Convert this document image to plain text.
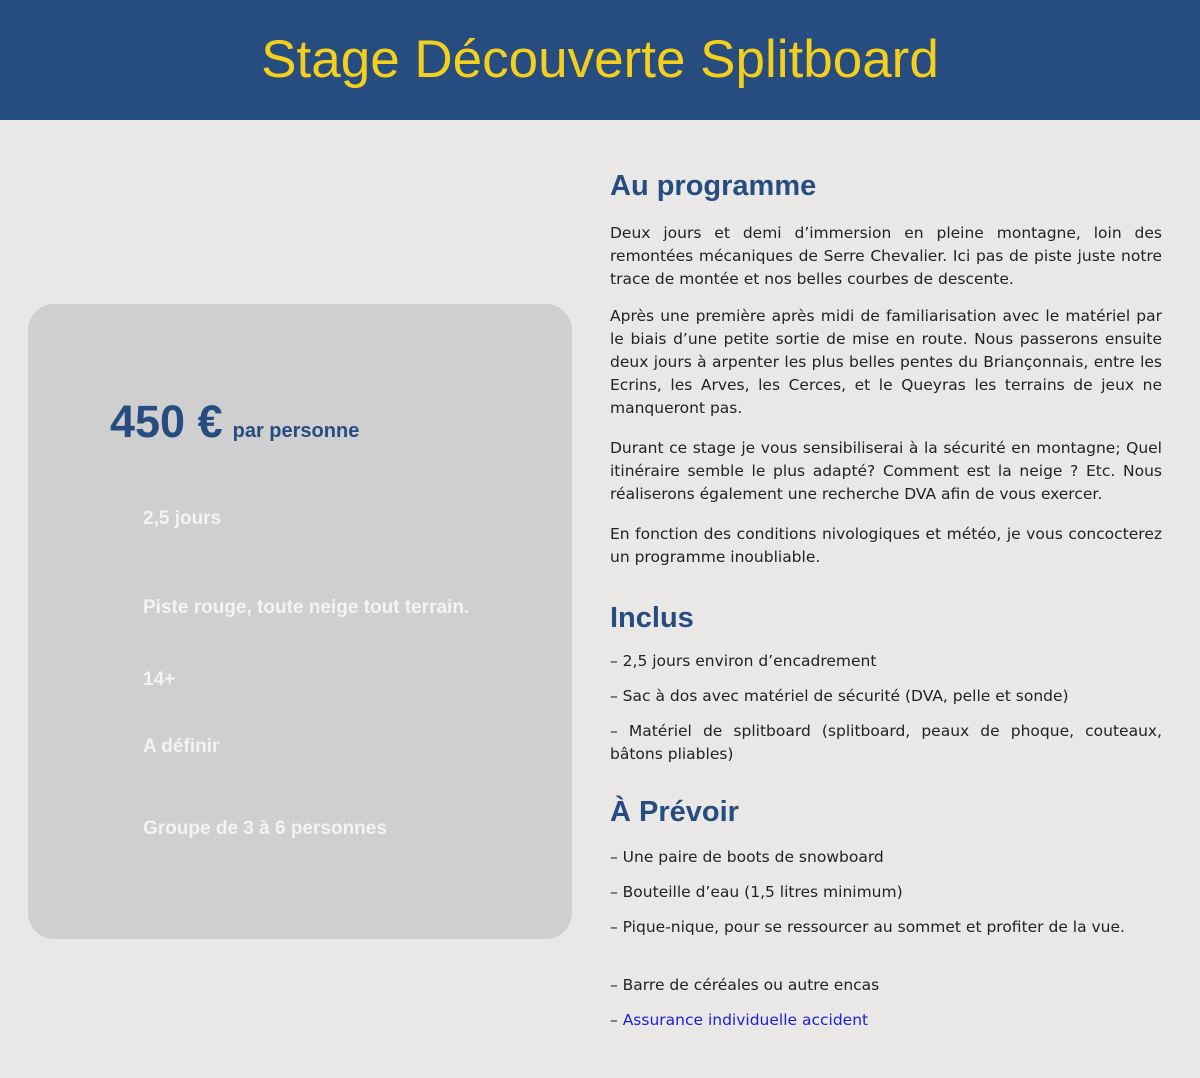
Stage Découverte Splitboard
450 € par personne
2,5 jours
Piste rouge, toute neige tout terrain.
14+
A définir
Groupe de 3 à 6 personnes
Au programme

Deux jours et demi d’immersion en pleine montagne, loin des remontées mécaniques de Serre Chevalier. Ici pas de piste juste notre trace de montée et nos belles courbes de descente.

Après une première après midi de familiarisation avec le matériel par le biais d’une petite sortie de mise en route. Nous passerons ensuite deux jours à arpenter les plus belles pentes du Briançonnais, entre les Ecrins, les Arves, les Cerces, et le Queyras les terrains de jeux ne manqueront pas.

Durant ce stage je vous sensibiliserai à la sécurité en montagne; Quel itinéraire semble le plus adapté? Comment est la neige ? Etc. Nous réaliserons également une recherche DVA afin de vous exercer.

En fonction des conditions nivologiques et météo, je vous concocterez un programme inoubliable.

Inclus
– 2,5 jours environ d’encadrement
– Sac à dos avec matériel de sécurité (DVA, pelle et sonde)
– Matériel de splitboard (splitboard, peaux de phoque, couteaux, bâtons pliables)
À Prévoir
– Une paire de boots de snowboard
– Bouteille d’eau (1,5 litres minimum)
– Pique-nique, pour se ressourcer au sommet et profiter de la vue.
– Barre de céréales ou autre encas
– Assurance individuelle accident
